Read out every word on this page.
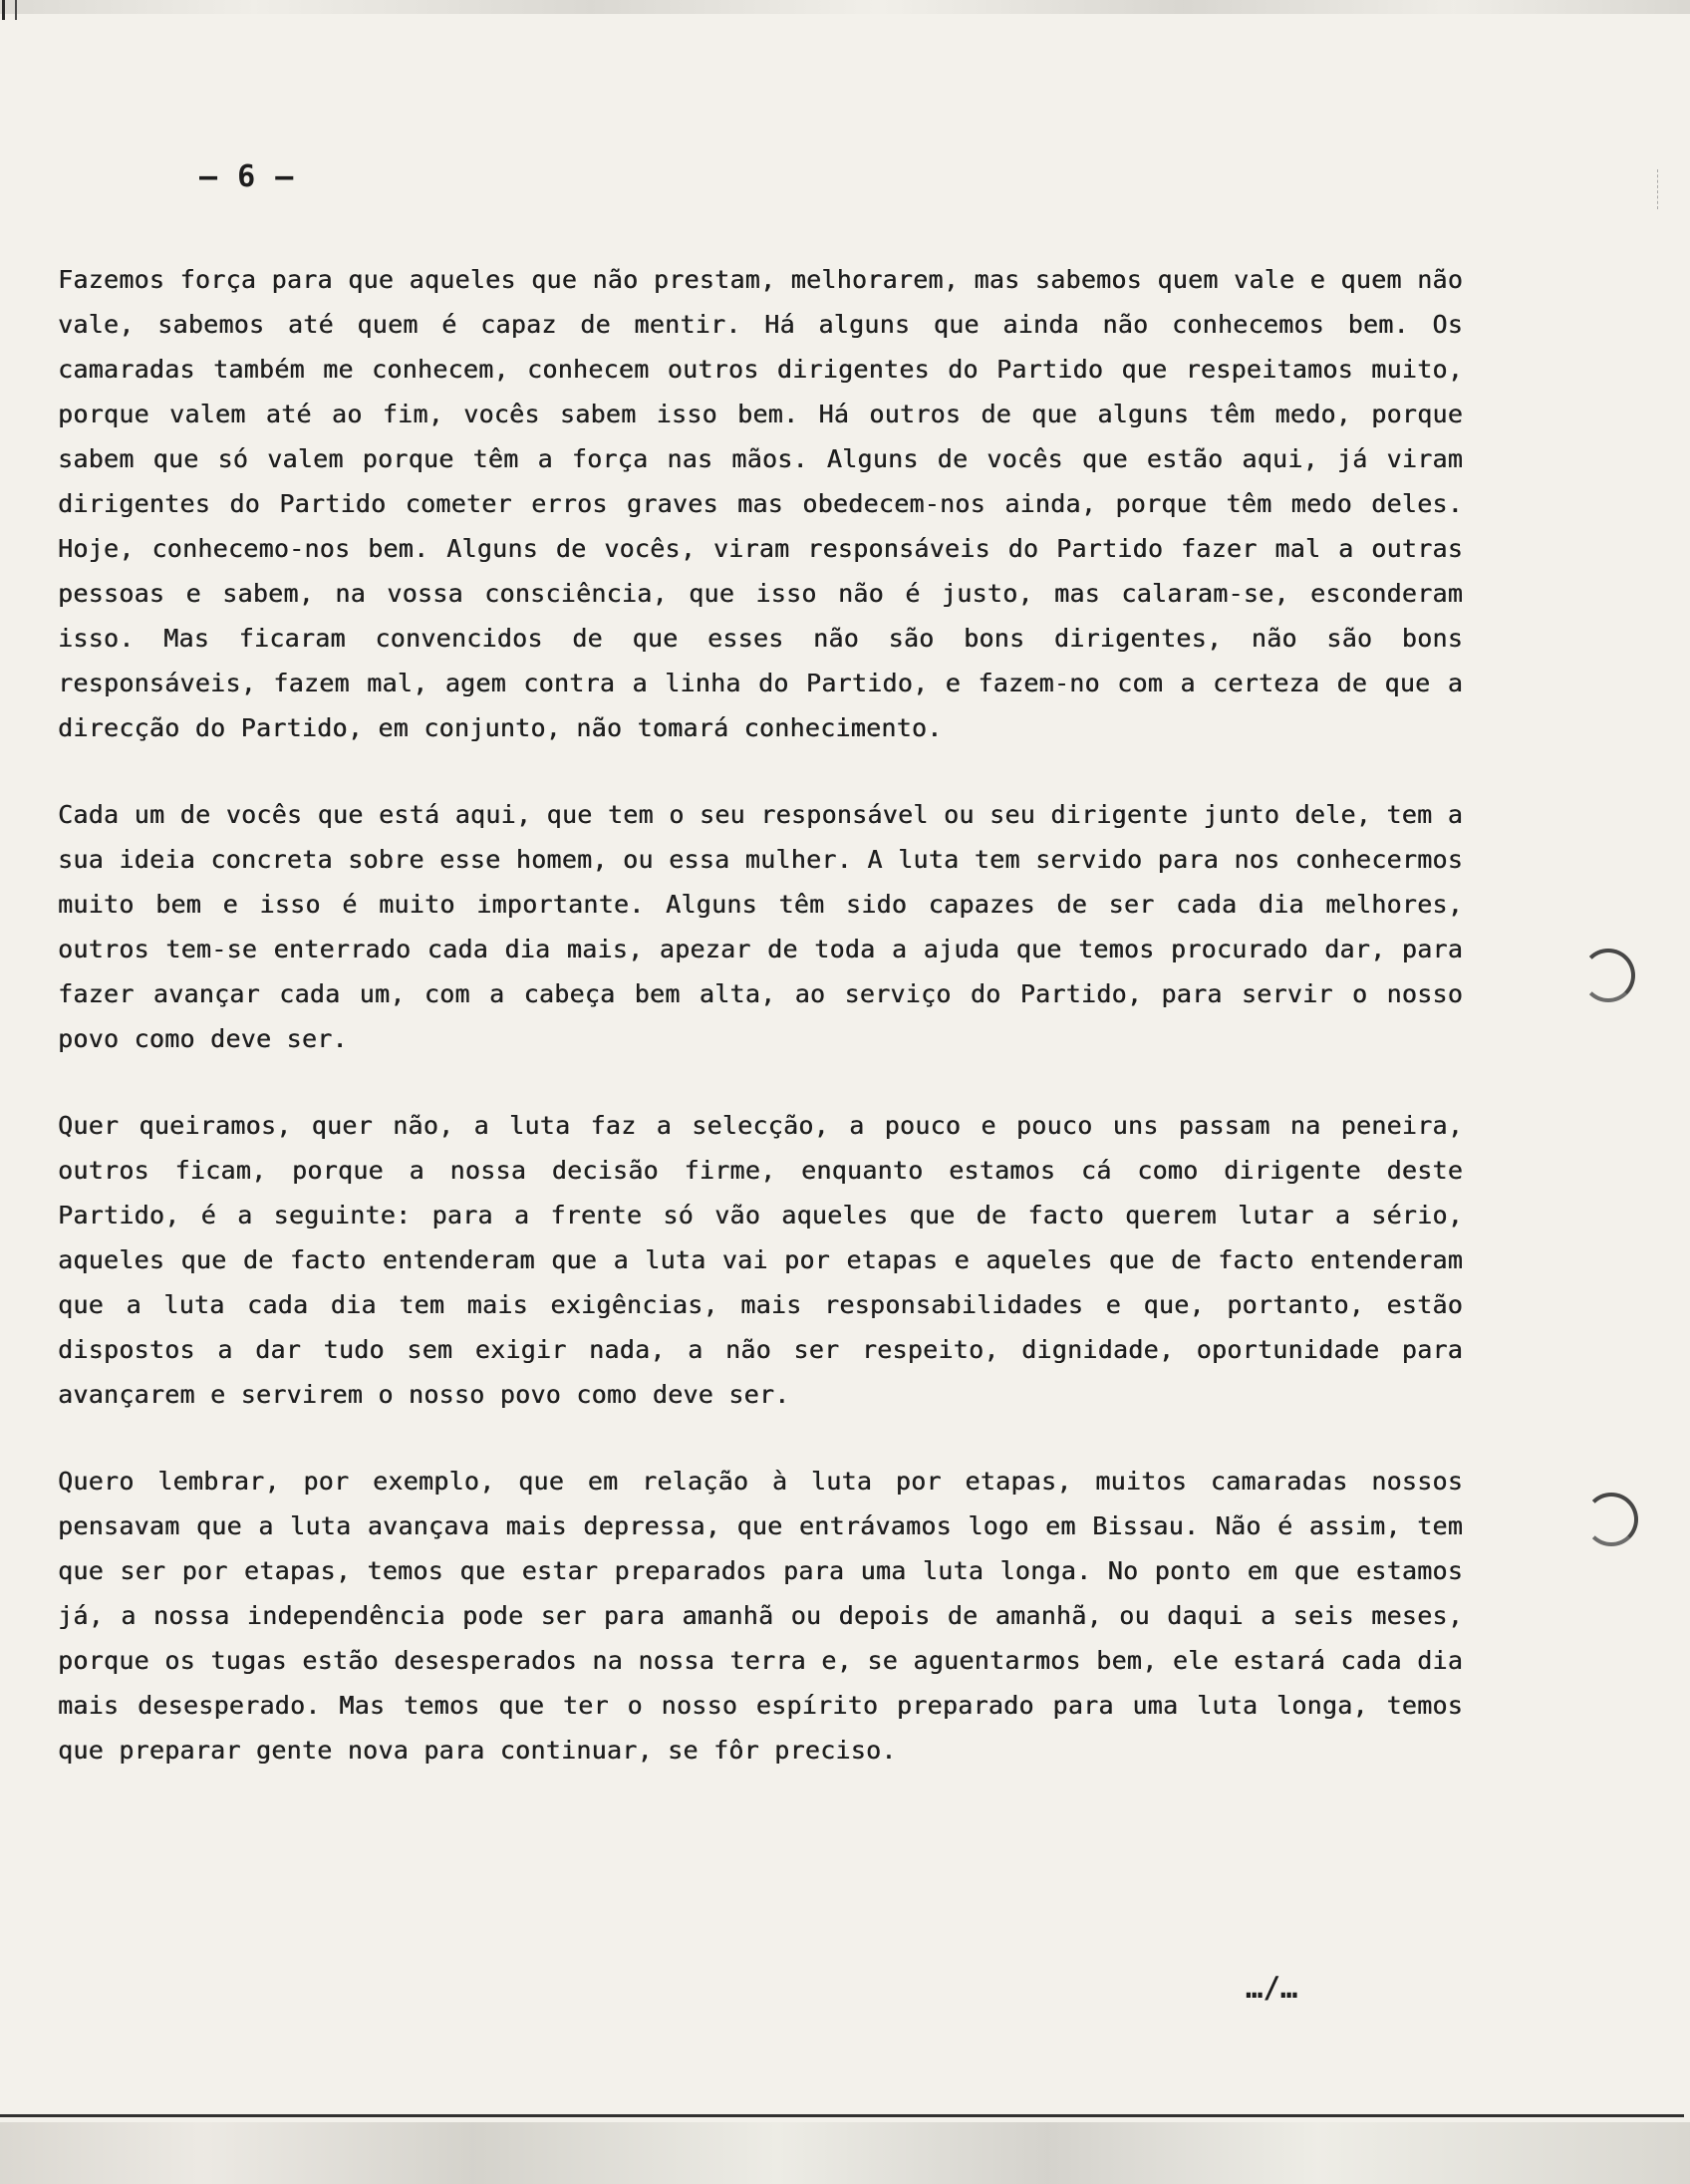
– 6 –

Fazemos força para que aqueles que não prestam, melhorarem, mas sabemos quem vale e quem não vale, sabemos até quem é capaz de mentir. Há alguns que ainda não conhecemos bem. Os camaradas também me conhecem, conhecem outros dirigentes do Partido que respeitamos muito, porque valem até ao fim, vocês sabem isso bem. Há outros de que alguns têm medo, porque sabem que só valem porque têm a força nas mãos. Alguns de vocês que estão aqui, já viram dirigentes do Partido cometer erros graves mas obedecem-nos ainda, porque têm medo deles. Hoje, conhecemo-nos bem. Alguns de vocês, viram responsáveis do Partido fazer mal a outras pessoas e sabem, na vossa consciência, que isso não é justo, mas calaram-se, esconderam isso. Mas ficaram convencidos de que esses não são bons dirigentes, não são bons responsáveis, fazem mal, agem contra a linha do Partido, e fazem-no com a certeza de que a direcção do Partido, em conjunto, não tomará conhecimento.

Cada um de vocês que está aqui, que tem o seu responsável ou seu dirigente junto dele, tem a sua ideia concreta sobre esse homem, ou essa mulher. A luta tem servido para nos conhecermos muito bem e isso é muito importante. Alguns têm sido capazes de ser cada dia melhores, outros tem-se enterrado cada dia mais, apezar de toda a ajuda que temos procurado dar, para fazer avançar cada um, com a cabeça bem alta, ao serviço do Partido, para servir o nosso povo como deve ser.

Quer queiramos, quer não, a luta faz a selecção, a pouco e pouco uns passam na peneira, outros ficam, porque a nossa decisão firme, enquanto estamos cá como dirigente deste Partido, é a seguinte: para a frente só vão aqueles que de facto querem lutar a sério, aqueles que de facto entenderam que a luta vai por etapas e aqueles que de facto entenderam que a luta cada dia tem mais exigências, mais responsabilidades e que, portanto, estão dispostos a dar tudo sem exigir nada, a não ser respeito, dignidade, oportunidade para avançarem e servirem o nosso povo como deve ser.

Quero lembrar, por exemplo, que em relação à luta por etapas, muitos camaradas nossos pensavam que a luta avançava mais depressa, que entrávamos logo em Bissau. Não é assim, tem que ser por etapas, temos que estar preparados para uma luta longa. No ponto em que estamos já, a nossa independência pode ser para amanhã ou depois de amanhã, ou daqui a seis meses, porque os tugas estão desesperados na nossa terra e, se aguentarmos bem, ele estará cada dia mais desesperado. Mas temos que ter o nosso espírito preparado para uma luta longa, temos que preparar gente nova para continuar, se fôr preciso.

…/…
